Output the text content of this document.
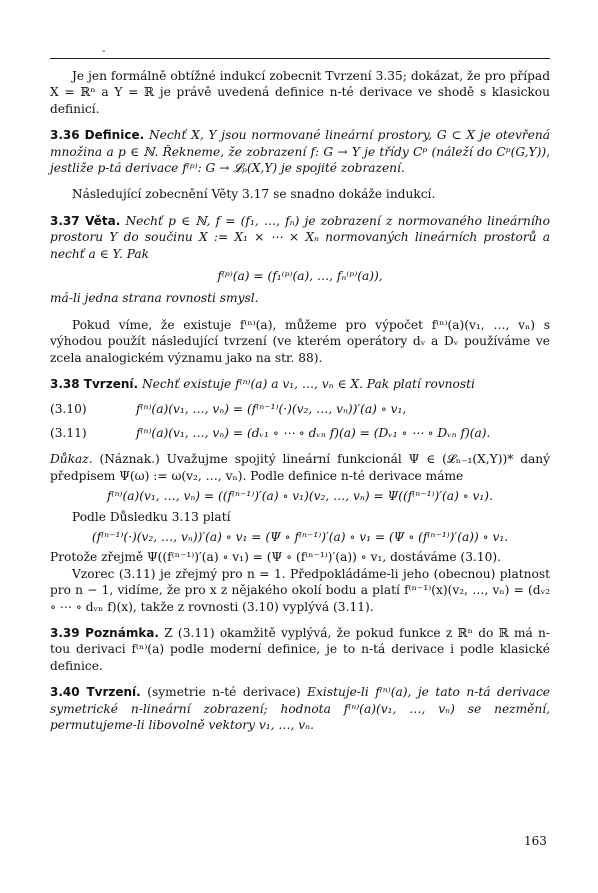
-

Je jen formálně obtížné indukcí zobecnit Tvrzení 3.35; dokázat, že pro případ X = ℝⁿ a Y = ℝ je právě uvedená definice n-té derivace ve shodě s klasickou definicí.

3.36 Definice. Nechť X, Y jsou normované lineární prostory, G ⊂ X je otevřená množina a p ∈ ℕ. Řekneme, že zobrazení f: G → Y je třídy Cᵖ (náleží do Cᵖ(G,Y)), jestliže p-tá derivace f⁽ᵖ⁾: G → 𝓛ₚ(X,Y) je spojité zobrazení.

Následující zobecnění Věty 3.17 se snadno dokáže indukcí.

3.37 Věta. Nechť p ∈ ℕ, f = (f₁, …, fₙ) je zobrazení z normovaného lineárního prostoru Y do součinu X := X₁ × ⋯ × Xₙ normovaných lineárních prostorů a nechť a ∈ Y. Pak

f⁽ᵖ⁾(a) = (f₁⁽ᵖ⁾(a), …, fₙ⁽ᵖ⁾(a)),

má-li jedna strana rovnosti smysl.

Pokud víme, že existuje f⁽ⁿ⁾(a), můžeme pro výpočet f⁽ⁿ⁾(a)(v₁, …, vₙ) s výhodou použít následující tvrzení (ve kterém operátory dᵥ a Dᵥ používáme ve zcela analogickém významu jako na str. 88).

3.38 Tvrzení. Nechť existuje f⁽ⁿ⁾(a) a v₁, …, vₙ ∈ X. Pak platí rovnosti

(3.10)	f⁽ⁿ⁾(a)(v₁, …, vₙ) = (f⁽ⁿ⁻¹⁾(·)(v₂, …, vₙ))′(a) ∘ v₁,
(3.11)	f⁽ⁿ⁾(a)(v₁, …, vₙ) = (dᵥ₁ ∘ ⋯ ∘ dᵥₙ f)(a) = (Dᵥ₁ ∘ ⋯ ∘ Dᵥₙ f)(a).

Důkaz. (Náznak.) Uvažujme spojitý lineární funkcionál Ψ ∈ (𝓛ₙ₋₁(X,Y))* daný předpisem Ψ(ω) := ω(v₂, …, vₙ). Podle definice n-té derivace máme

f⁽ⁿ⁾(a)(v₁, …, vₙ) = ((f⁽ⁿ⁻¹⁾)′(a) ∘ v₁)(v₂, …, vₙ) = Ψ((f⁽ⁿ⁻¹⁾)′(a) ∘ v₁).

Podle Důsledku 3.13 platí

(f⁽ⁿ⁻¹⁾(·)(v₂, …, vₙ))′(a) ∘ v₁ = (Ψ ∘ f⁽ⁿ⁻¹⁾)′(a) ∘ v₁ = (Ψ ∘ (f⁽ⁿ⁻¹⁾)′(a)) ∘ v₁.

Protože zřejmě Ψ((f⁽ⁿ⁻¹⁾)′(a) ∘ v₁) = (Ψ ∘ (f⁽ⁿ⁻¹⁾)′(a)) ∘ v₁, dostáváme (3.10).

Vzorec (3.11) je zřejmý pro n = 1. Předpokládáme-li jeho (obecnou) platnost pro n − 1, vidíme, že pro x z nějakého okolí bodu a platí f⁽ⁿ⁻¹⁾(x)(v₂, …, vₙ) = (dᵥ₂ ∘ ⋯ ∘ dᵥₙ f)(x), takže z rovnosti (3.10) vyplývá (3.11).

3.39 Poznámka. Z (3.11) okamžitě vyplývá, že pokud funkce z ℝⁿ do ℝ má n-tou derivaci f⁽ⁿ⁾(a) podle moderní definice, je to n-tá derivace i podle klasické definice.

3.40 Tvrzení. (symetrie n-té derivace) Existuje-li f⁽ⁿ⁾(a), je tato n-tá derivace symetrické n-lineární zobrazení; hodnota f⁽ⁿ⁾(a)(v₁, …, vₙ) se nezmění, permutujeme-li libovolně vektory v₁, …, vₙ.

163
